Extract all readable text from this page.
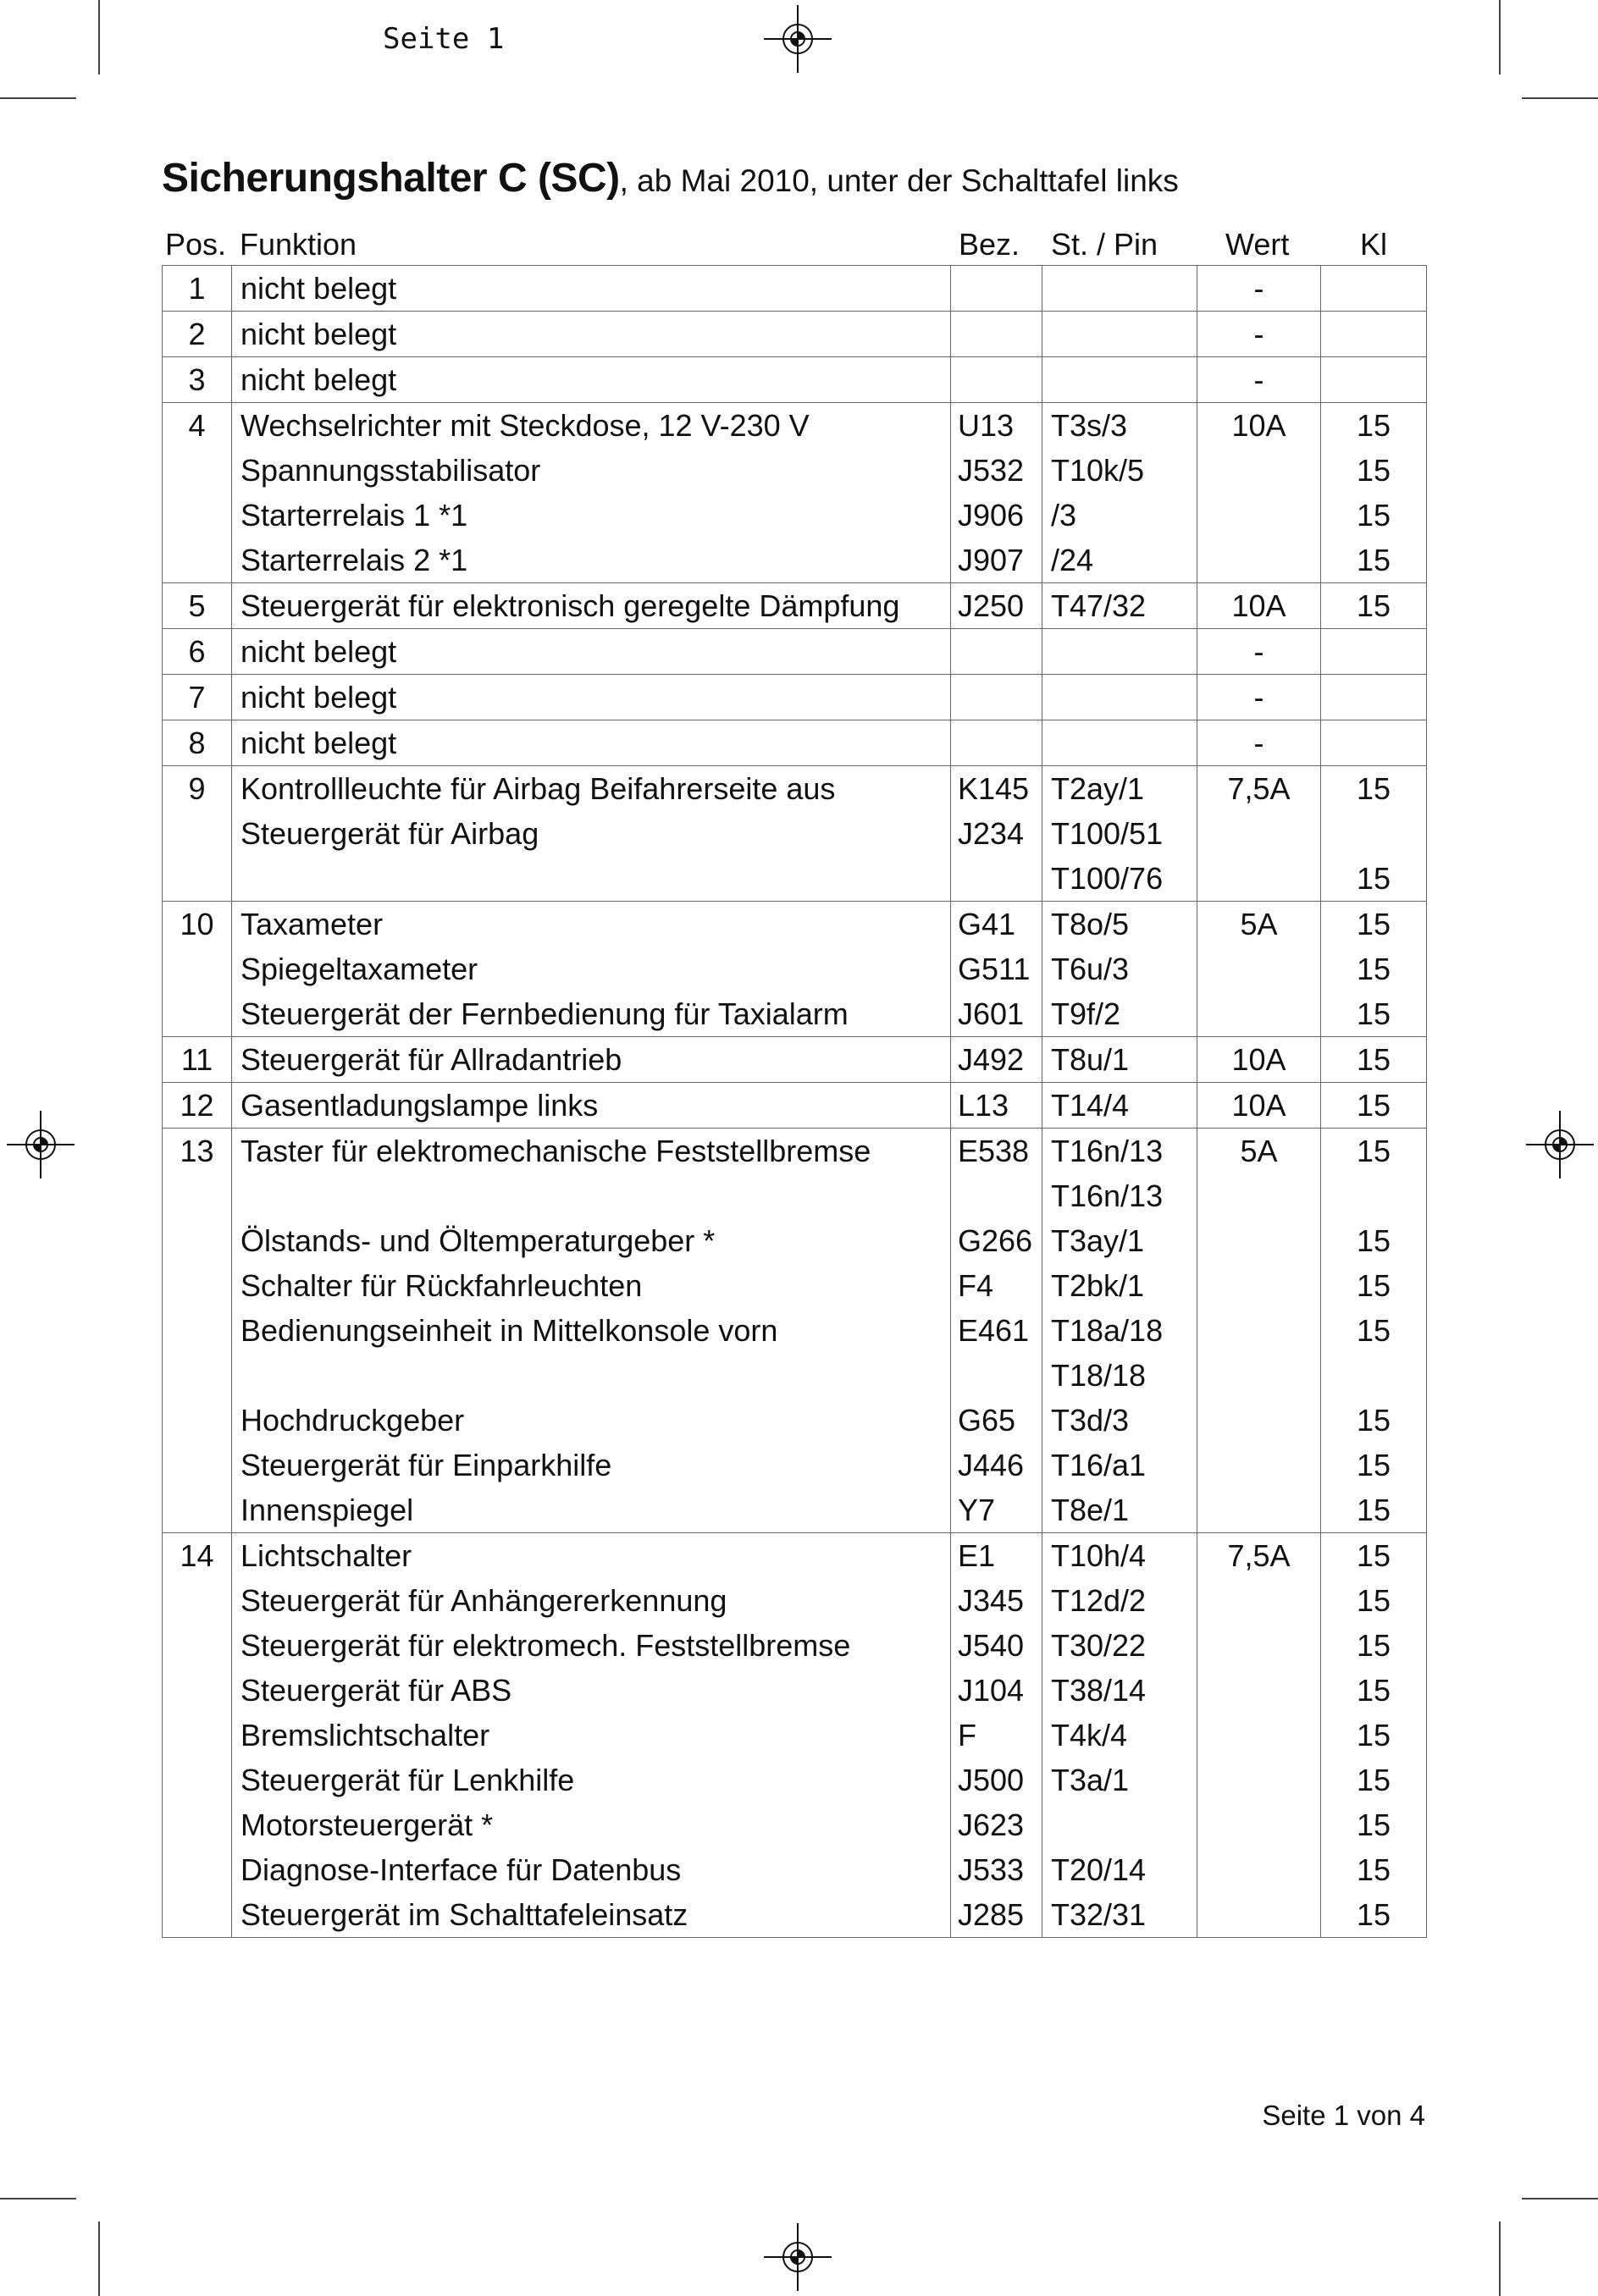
Seite 1
Sicherungshalter C (SC), ab Mai 2010, unter der Schalttafel links
Pos. Funktion	Bez. St. / Pin Wert Kl
1	nicht belegt			-	
2	nicht belegt			-	
3	nicht belegt			-	
4	Wechselrichter mit Steckdose, 12 V-230 V	U13	T3s/3	10A	15
	Spannungsstabilisator	J532	T10k/5		15
	Starterrelais 1 *1	J906	/3		15
	Starterrelais 2 *1	J907	/24		15
5	Steuergerät für elektronisch geregelte Dämpfung	J250	T47/32	10A	15
6	nicht belegt			-	
7	nicht belegt			-	
8	nicht belegt			-	
9	Kontrollleuchte für Airbag Beifahrerseite aus	K145	T2ay/1	7,5A	15
	Steuergerät für Airbag	J234	T100/51		
			T100/76		15
10	Taxameter	G41	T8o/5	5A	15
	Spiegeltaxameter	G511	T6u/3		15
	Steuergerät der Fernbedienung für Taxialarm	J601	T9f/2		15
11	Steuergerät für Allradantrieb	J492	T8u/1	10A	15
12	Gasentladungslampe links	L13	T14/4	10A	15
13	Taster für elektromechanische Feststellbremse	E538	T16n/13	5A	15
			T16n/13		
	Ölstands- und Öltemperaturgeber *	G266	T3ay/1		15
	Schalter für Rückfahrleuchten	F4	T2bk/1		15
	Bedienungseinheit in Mittelkonsole vorn	E461	T18a/18		15
			T18/18		
	Hochdruckgeber	G65	T3d/3		15
	Steuergerät für Einparkhilfe	J446	T16/a1		15
	Innenspiegel	Y7	T8e/1		15
14	Lichtschalter	E1	T10h/4	7,5A	15
	Steuergerät für Anhängererkennung	J345	T12d/2		15
	Steuergerät für elektromech. Feststellbremse	J540	T30/22		15
	Steuergerät für ABS	J104	T38/14		15
	Bremslichtschalter	F	T4k/4		15
	Steuergerät für Lenkhilfe	J500	T3a/1		15
	Motorsteuergerät *	J623			15
	Diagnose-Interface für Datenbus	J533	T20/14		15
	Steuergerät im Schalttafeleinsatz	J285	T32/31		15
Seite 1 von 4
